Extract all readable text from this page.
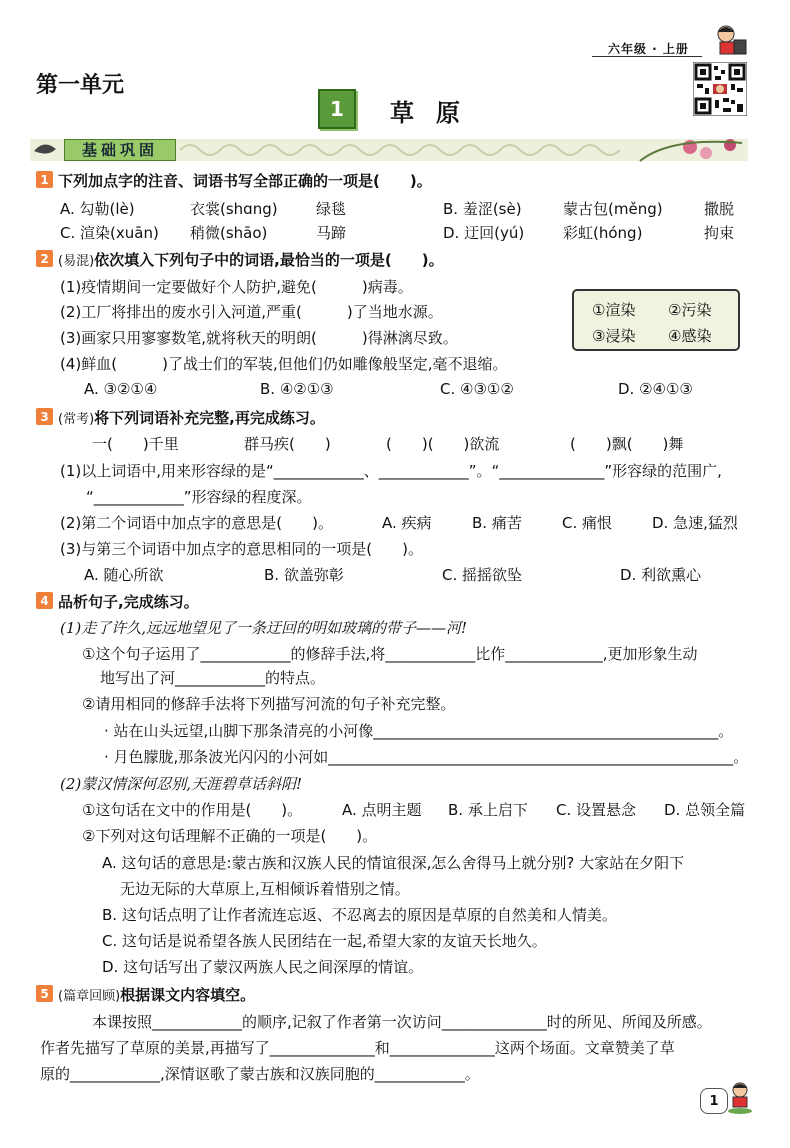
六年级 · 上册
第一单元
1	草原
基础巩固
1 下列加点字的注音、词语书写全部正确的一项是(　　)。
A. 勾勒(lè)	衣裳(shɑng)	绿毯	B. 羞涩(sè)	蒙古包(měng)	撒脱
C. 渲染(xuān) 稍微(shāo)	马蹄	D. 迂回(yú)	彩虹(hóng)	拘束
2 (易混)依次填入下列句子中的词语,最恰当的一项是(　　)。
(1)疫情期间一定要做好个人防护,避免(　　　)病毒。
(2)工厂将排出的废水引入河道,严重(　　　)了当地水源。
(3)画家只用寥寥数笔,就将秋天的明朗(　　　)得淋漓尽致。
(4)鲜血(　　　)了战士们的军装,但他们仍如雕像般坚定,毫不退缩。
①渲染 ②污染
③浸染 ④感染
A. ③②①④	B. ④②①③	C. ④③①②	D. ②④①③
3 (常考)将下列词语补充完整,再完成练习。
一(　　)千里	群马疾(　　)	(　　)(　　)欲流	(　　)飘(　　)舞
(1)以上词语中,用来形容绿的是“____________、____________”。“______________”形容绿的范围广,
“____________”形容绿的程度深。
(2)第二个词语中加点字的意思是(　　)。	A. 疾病	B. 痛苦	C. 痛恨	D. 急速,猛烈
(3)与第三个词语中加点字的意思相同的一项是(　　)。
A. 随心所欲	B. 欲盖弥彰	C. 摇摇欲坠	D. 利欲熏心
4 品析句子,完成练习。
(1)走了许久,远远地望见了一条迂回的明如玻璃的带子——河!
①这个句子运用了____________的修辞手法,将____________比作_____________,更加形象生动
地写出了河____________的特点。
②请用相同的修辞手法将下列描写河流的句子补充完整。
· 站在山头远望,山脚下那条清亮的小河像______________________________________________。
· 月色朦胧,那条波光闪闪的小河如______________________________________________________。
(2)蒙汉情深何忍别,天涯碧草话斜阳!
①这句话在文中的作用是(　　)。	A. 点明主题 B. 承上启下 C. 设置悬念 D. 总领全篇
②下列对这句话理解不正确的一项是(　　)。
A. 这句话的意思是:蒙古族和汉族人民的情谊很深,怎么舍得马上就分别? 大家站在夕阳下
无边无际的大草原上,互相倾诉着惜别之情。
B. 这句话点明了让作者流连忘返、不忍离去的原因是草原的自然美和人情美。
C. 这句话是说希望各族人民团结在一起,希望大家的友谊天长地久。
D. 这句话写出了蒙汉两族人民之间深厚的情谊。
5 (篇章回顾)根据课文内容填空。
本课按照____________的顺序,记叙了作者第一次访问______________时的所见、所闻及所感。
作者先描写了草原的美景,再描写了______________和______________这两个场面。文章赞美了草
原的____________,深情讴歌了蒙古族和汉族同胞的____________。
1
